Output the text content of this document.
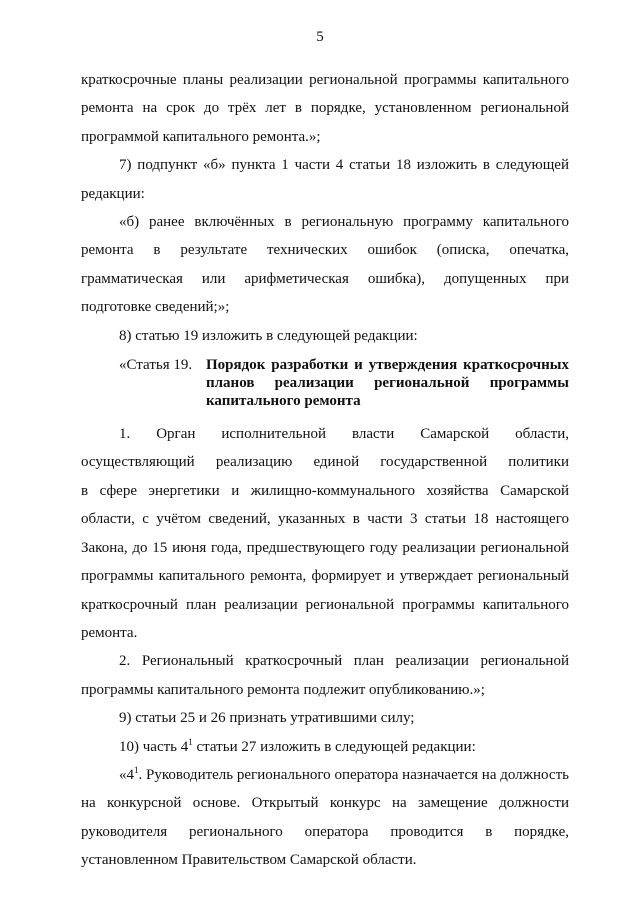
5

краткосрочные планы реализации региональной программы капитального ремонта на срок до трёх лет в порядке, установленном региональной программой капитального ремонта.»;

7) подпункт «б» пункта 1 части 4 статьи 18 изложить в следующей редакции:

«б) ранее включённых в региональную программу капитального

ремонта в результате технических ошибок (описка, опечатка,

грамматическая или арифметическая ошибка), допущенных при

подготовке сведений;»;

8) статью 19 изложить в следующей редакции:

«Статья 19. Порядок разработки и утверждения краткосрочных
планов реализации региональной программы
капитального ремонта

1. Орган исполнительной власти Самарской области,

осуществляющий реализацию единой государственной политики

в сфере энергетики и жилищно-коммунального хозяйства Самарской области, с учётом сведений, указанных в части 3 статьи 18 настоящего Закона, до 15 июня года, предшествующего году реализации региональной программы капитального ремонта, формирует и утверждает региональный краткосрочный план реализации региональной программы капитального ремонта.

2. Региональный краткосрочный план реализации региональной программы капитального ремонта подлежит опубликованию.»;

9) статьи 25 и 26 признать утратившими силу;

10) часть $4^1$ статьи 27 изложить в следующей редакции:

«$4^1$. Руководитель регионального оператора назначается на должность на конкурсной основе. Открытый конкурс на замещение должности руководителя регионального оператора проводится в порядке, установленном Правительством Самарской области.
